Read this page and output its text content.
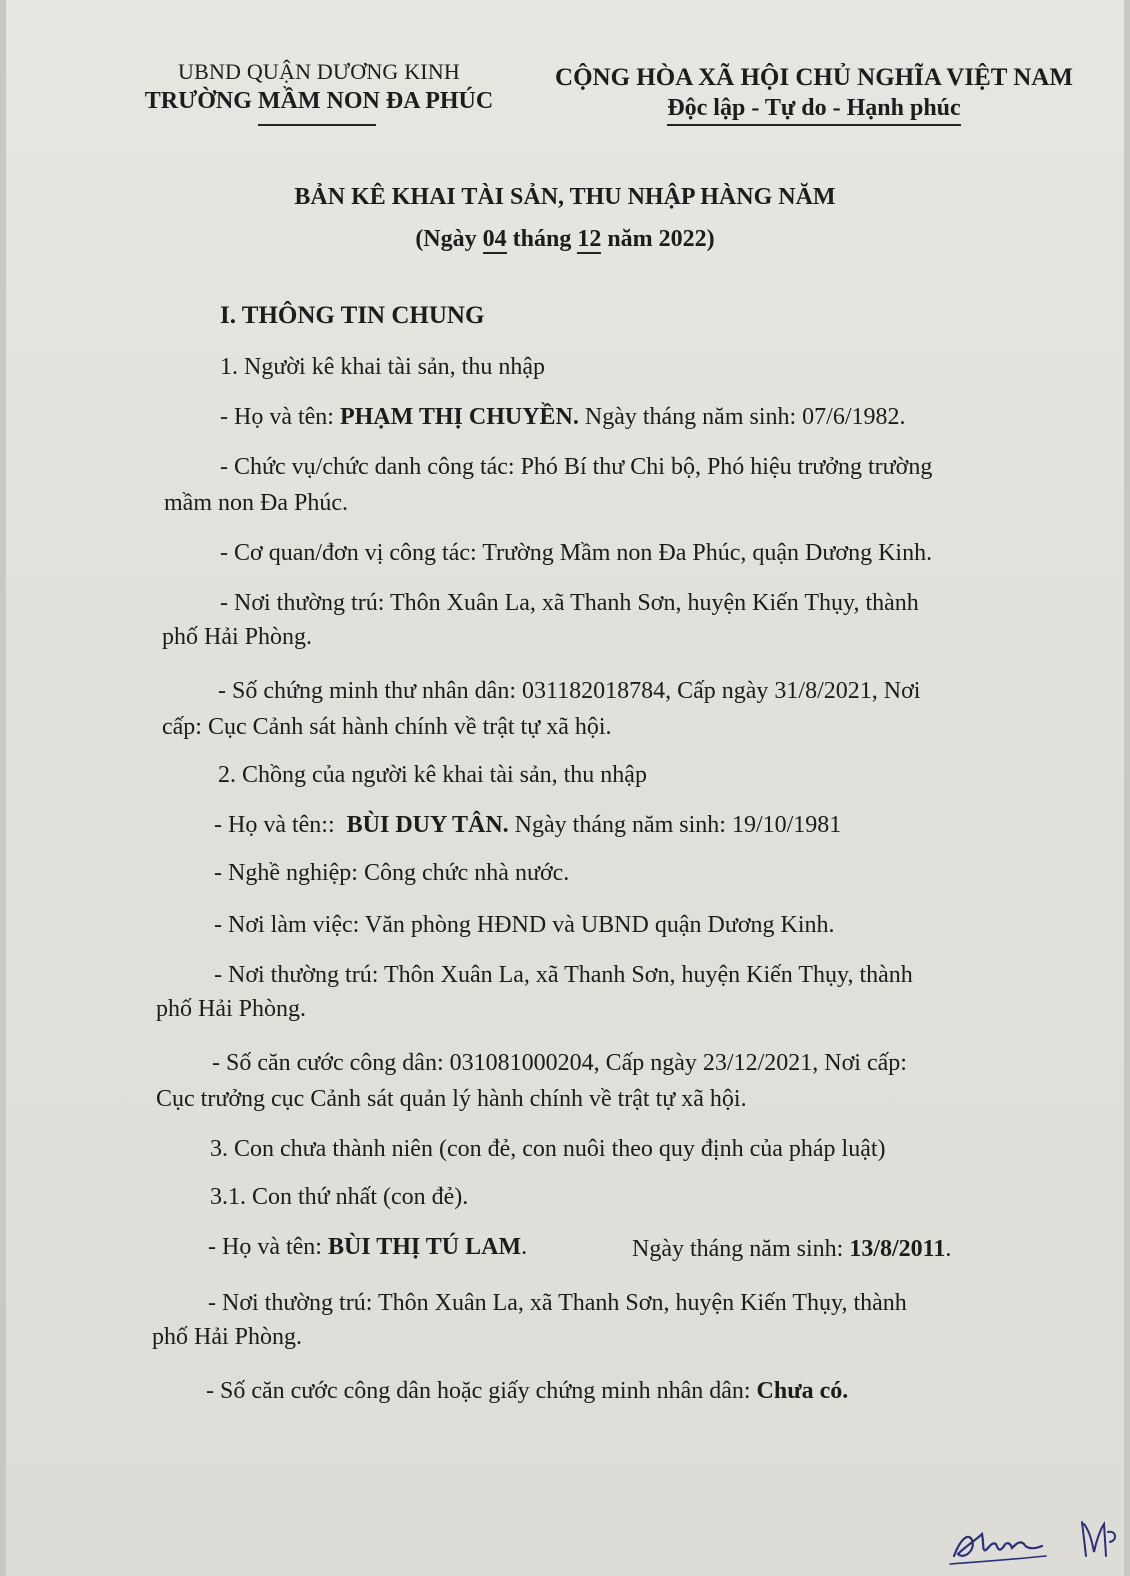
UBND QUẬN DƯƠNG KINH
TRƯỜNG MẦM NON ĐA PHÚC
CỘNG HÒA XÃ HỘI CHỦ NGHĨA VIỆT NAM
Độc lập - Tự do - Hạnh phúc
BẢN KÊ KHAI TÀI SẢN, THU NHẬP HÀNG NĂM
(Ngày 04 tháng 12 năm 2022)
I. THÔNG TIN CHUNG
1. Người kê khai tài sản, thu nhập
- Họ và tên: PHẠM THỊ CHUYỀN. Ngày tháng năm sinh: 07/6/1982.
- Chức vụ/chức danh công tác: Phó Bí thư Chi bộ, Phó hiệu trưởng trường
mầm non Đa Phúc.
- Cơ quan/đơn vị công tác: Trường Mầm non Đa Phúc, quận Dương Kinh.
- Nơi thường trú: Thôn Xuân La, xã Thanh Sơn, huyện Kiến Thụy, thành
phố Hải Phòng.
- Số chứng minh thư nhân dân: 031182018784, Cấp ngày 31/8/2021, Nơi
cấp: Cục Cảnh sát hành chính về trật tự xã hội.
2. Chồng của người kê khai tài sản, thu nhập
- Họ và tên::  BÙI DUY TÂN. Ngày tháng năm sinh: 19/10/1981
- Nghề nghiệp: Công chức nhà nước.
- Nơi làm việc: Văn phòng HĐND và UBND quận Dương Kinh.
- Nơi thường trú: Thôn Xuân La, xã Thanh Sơn, huyện Kiến Thụy, thành
phố Hải Phòng.
- Số căn cước công dân: 031081000204, Cấp ngày 23/12/2021, Nơi cấp:
Cục trưởng cục Cảnh sát quản lý hành chính về trật tự xã hội.
3. Con chưa thành niên (con đẻ, con nuôi theo quy định của pháp luật)
3.1. Con thứ nhất (con đẻ).
- Họ và tên: BÙI THỊ TÚ LAM.	Ngày tháng năm sinh: 13/8/2011.
- Nơi thường trú: Thôn Xuân La, xã Thanh Sơn, huyện Kiến Thụy, thành
phố Hải Phòng.
- Số căn cước công dân hoặc giấy chứng minh nhân dân: Chưa có.
